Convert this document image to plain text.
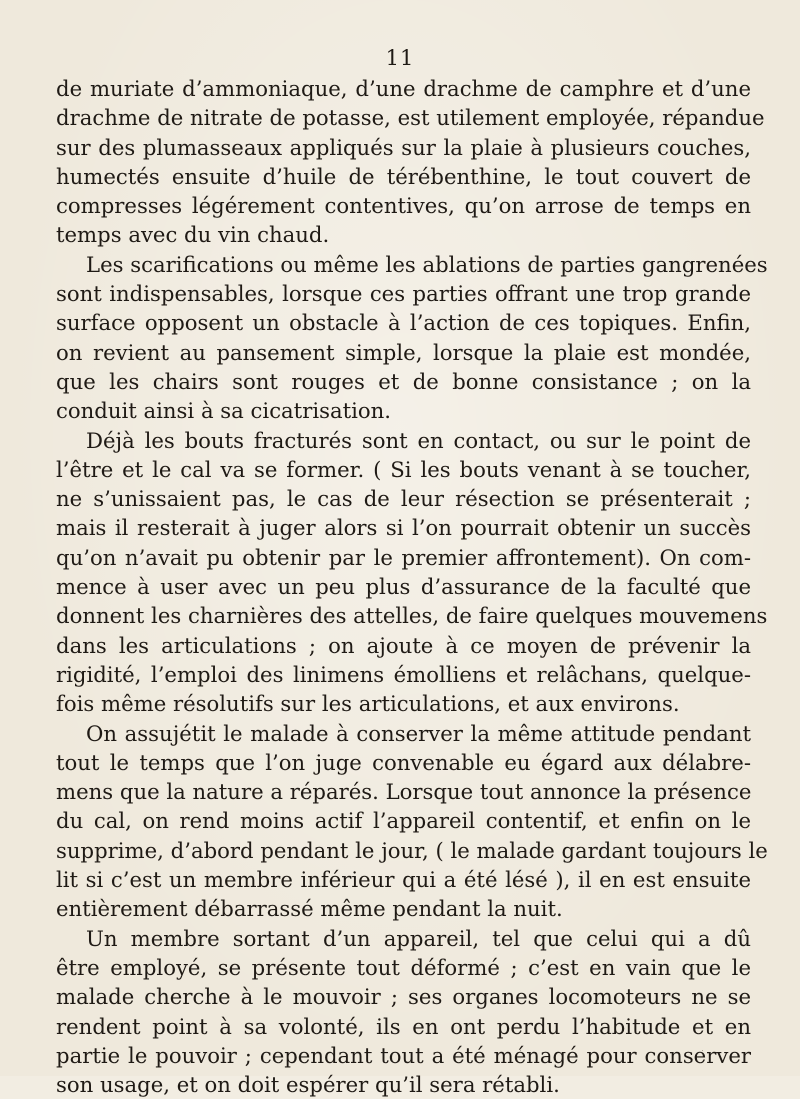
11
de muriate d’ammoniaque, d’une drachme de camphre et d’une
drachme de nitrate de potasse, est utilement employée, répandue
sur des plumasseaux appliqués sur la plaie à plusieurs couches,
humectés ensuite d’huile de térébenthine, le tout couvert de
compresses légérement contentives, qu’on arrose de temps en
temps avec du vin chaud.
Les scarifications ou même les ablations de parties gangrenées
sont indispensables, lorsque ces parties offrant une trop grande
surface opposent un obstacle à l’action de ces topiques. Enfin,
on revient au pansement simple, lorsque la plaie est mondée,
que les chairs sont rouges et de bonne consistance ; on la
conduit ainsi à sa cicatrisation.
Déjà les bouts fracturés sont en contact, ou sur le point de
l’être et le cal va se former. ( Si les bouts venant à se toucher,
ne s’unissaient pas, le cas de leur résection se présenterait ;
mais il resterait à juger alors si l’on pourrait obtenir un succès
qu’on n’avait pu obtenir par le premier affrontement). On com-
mence à user avec un peu plus d’assurance de la faculté que
donnent les charnières des attelles, de faire quelques mouvemens
dans les articulations ; on ajoute à ce moyen de prévenir la
rigidité, l’emploi des linimens émolliens et relâchans, quelque-
fois même résolutifs sur les articulations, et aux environs.
On assujétit le malade à conserver la même attitude pendant
tout le temps que l’on juge convenable eu égard aux délabre-
mens que la nature a réparés. Lorsque tout annonce la présence
du cal, on rend moins actif l’appareil contentif, et enfin on le
supprime, d’abord pendant le jour, ( le malade gardant toujours le
lit si c’est un membre inférieur qui a été lésé ), il en est ensuite
entièrement débarrassé même pendant la nuit.
Un membre sortant d’un appareil, tel que celui qui a dû
être employé, se présente tout déformé ; c’est en vain que le
malade cherche à le mouvoir ; ses organes locomoteurs ne se
rendent point à sa volonté, ils en ont perdu l’habitude et en
partie le pouvoir ; cependant tout a été ménagé pour conserver
son usage, et on doit espérer qu’il sera rétabli.
